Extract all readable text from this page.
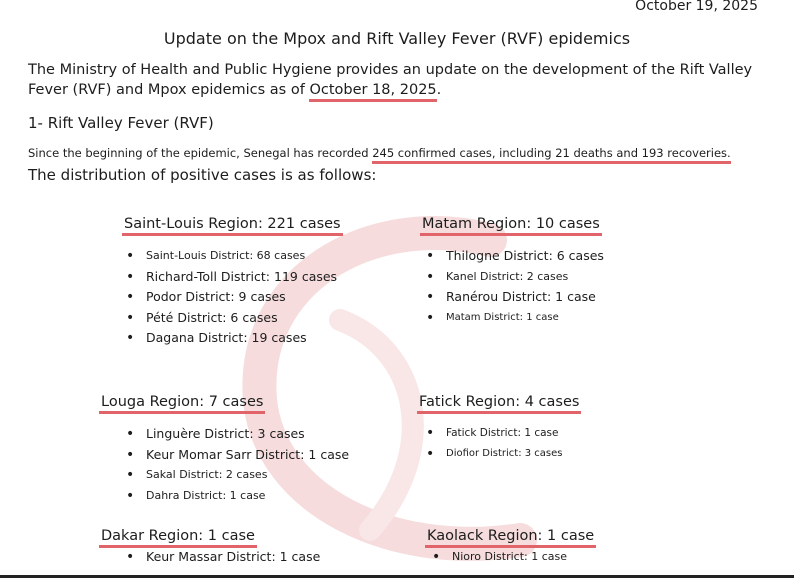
October 19, 2025
Update on the Mpox and Rift Valley Fever (RVF) epidemics
The Ministry of Health and Public Hygiene provides an update on the development of the Rift Valley Fever (RVF) and Mpox epidemics as of October 18, 2025.
1- Rift Valley Fever (RVF)
Since the beginning of the epidemic, Senegal has recorded 245 confirmed cases, including 21 deaths and 193 recoveries.
The distribution of positive cases is as follows:
Saint-Louis Region: 221 cases
• Saint-Louis District: 68 cases
• Richard-Toll District: 119 cases
• Podor District: 9 cases
• Pété District: 6 cases
• Dagana District: 19 cases
Matam Region: 10 cases
• Thilogne District: 6 cases
• Kanel District: 2 cases
• Ranérou District: 1 case
• Matam District: 1 case
Louga Region: 7 cases
• Linguère District: 3 cases
• Keur Momar Sarr District: 1 case
• Sakal District: 2 cases
• Dahra District: 1 case
Fatick Region: 4 cases
• Fatick District: 1 case
• Diofior District: 3 cases
Dakar Region: 1 case
• Keur Massar District: 1 case
Kaolack Region: 1 case
• Nioro District: 1 case
